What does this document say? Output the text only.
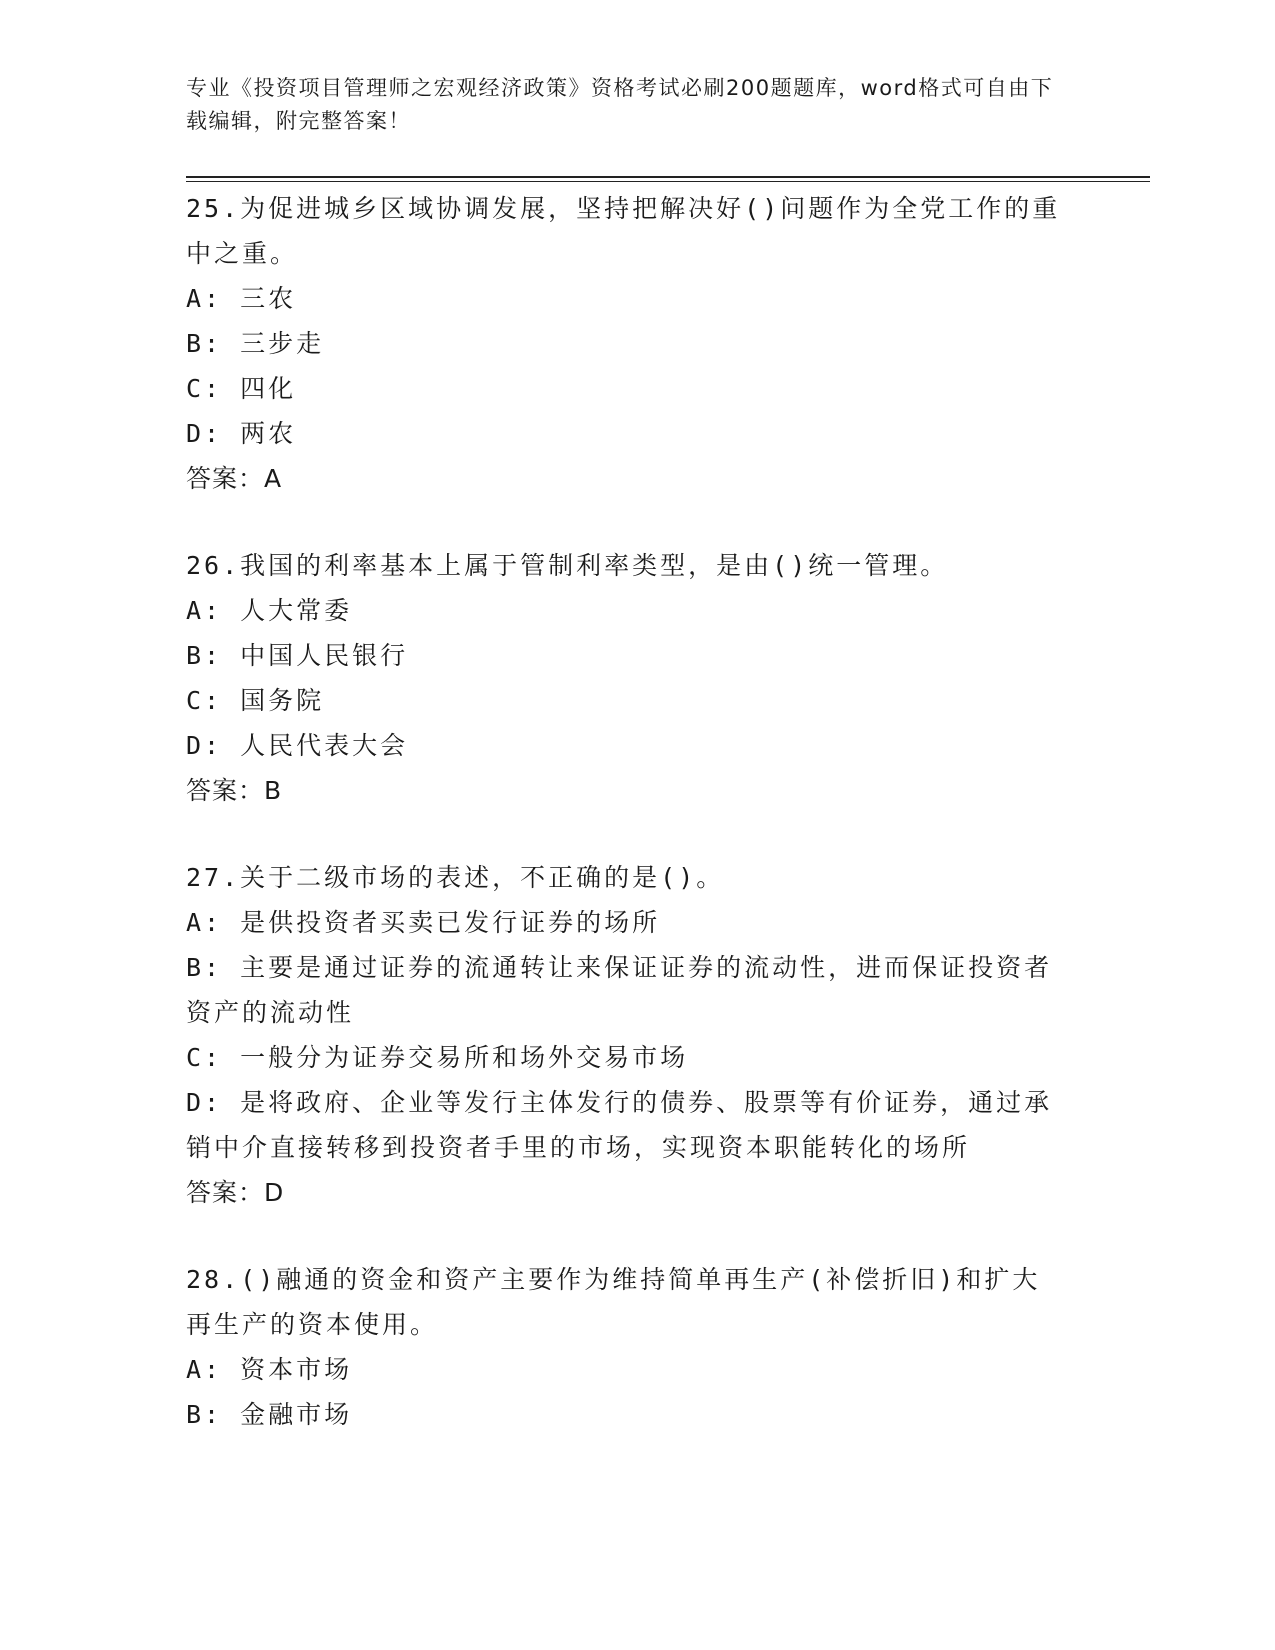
专业《投资项目管理师之宏观经济政策》资格考试必刷200题题库，word格式可自由下载编辑，附完整答案！
25.为促进城乡区域协调发展，坚持把解决好()问题作为全党工作的重中之重。
A: 三农
B: 三步走
C: 四化
D: 两农
答案：A
26.我国的利率基本上属于管制利率类型，是由()统一管理。
A: 人大常委
B: 中国人民银行
C: 国务院
D: 人民代表大会
答案：B
27.关于二级市场的表述，不正确的是()。
A: 是供投资者买卖已发行证券的场所
B: 主要是通过证券的流通转让来保证证券的流动性，进而保证投资者资产的流动性
C: 一般分为证券交易所和场外交易市场
D: 是将政府、企业等发行主体发行的债券、股票等有价证券，通过承销中介直接转移到投资者手里的市场，实现资本职能转化的场所
答案：D
28.()融通的资金和资产主要作为维持简单再生产(补偿折旧)和扩大再生产的资本使用。
A: 资本市场
B: 金融市场
